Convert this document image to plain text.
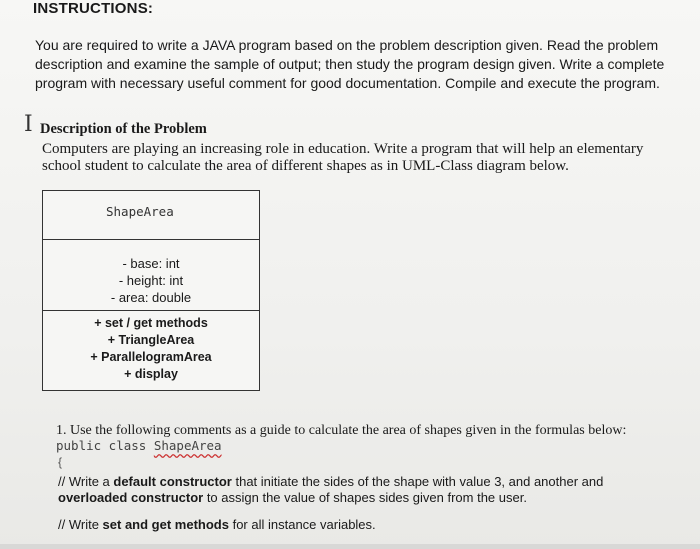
INSTRUCTIONS:
You are required to write a JAVA program based on the problem description given. Read the problem description and examine the sample of output; then study the program design given. Write a complete program with necessary useful comment for good documentation. Compile and execute the program.
I Description of the Problem
Computers are playing an increasing role in education. Write a program that will help an elementary school student to calculate the area of different shapes as in UML-Class diagram below.
ShapeArea
- base: int
- height: int
- area: double
+ set / get methods
+ TriangleArea
+ ParallelogramArea
+ display
1. Use the following comments as a guide to calculate the area of shapes given in the formulas below:
public class ShapeArea
{
// Write a default constructor that initiate the sides of the shape with value 3, and another and overloaded constructor to assign the value of shapes sides given from the user.
// Write set and get methods for all instance variables.
